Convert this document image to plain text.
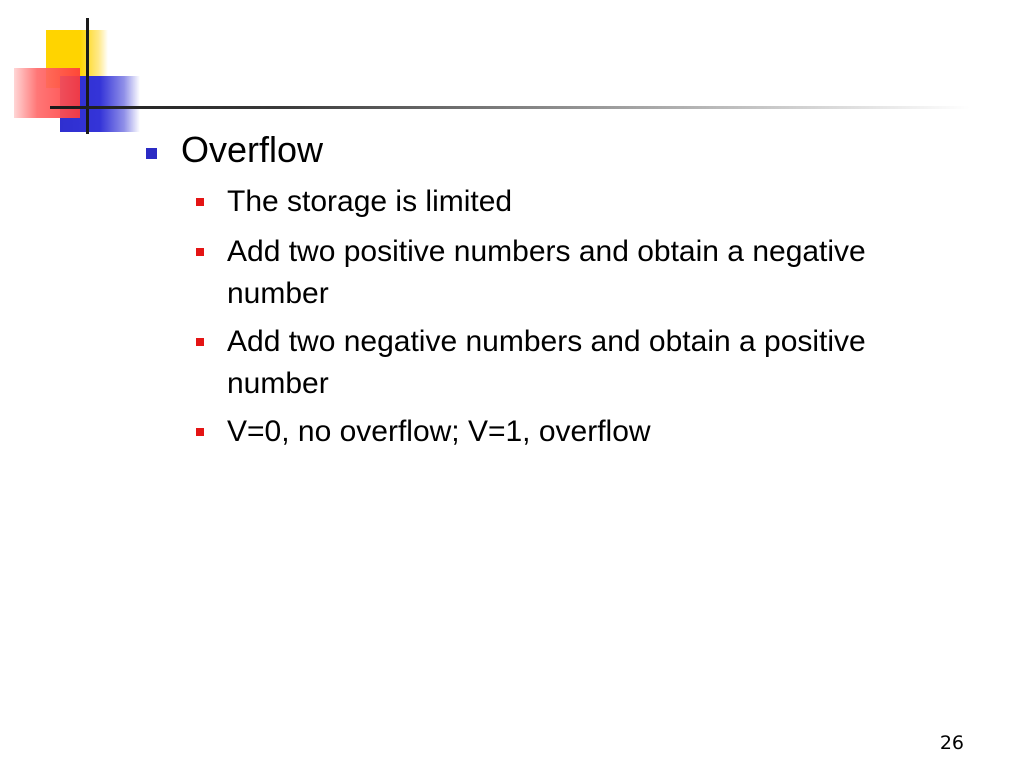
Overflow
The storage is limited
Add two positive numbers and obtain a negative number
Add two negative numbers and obtain a positive number
V=0, no overflow; V=1, overflow
26
